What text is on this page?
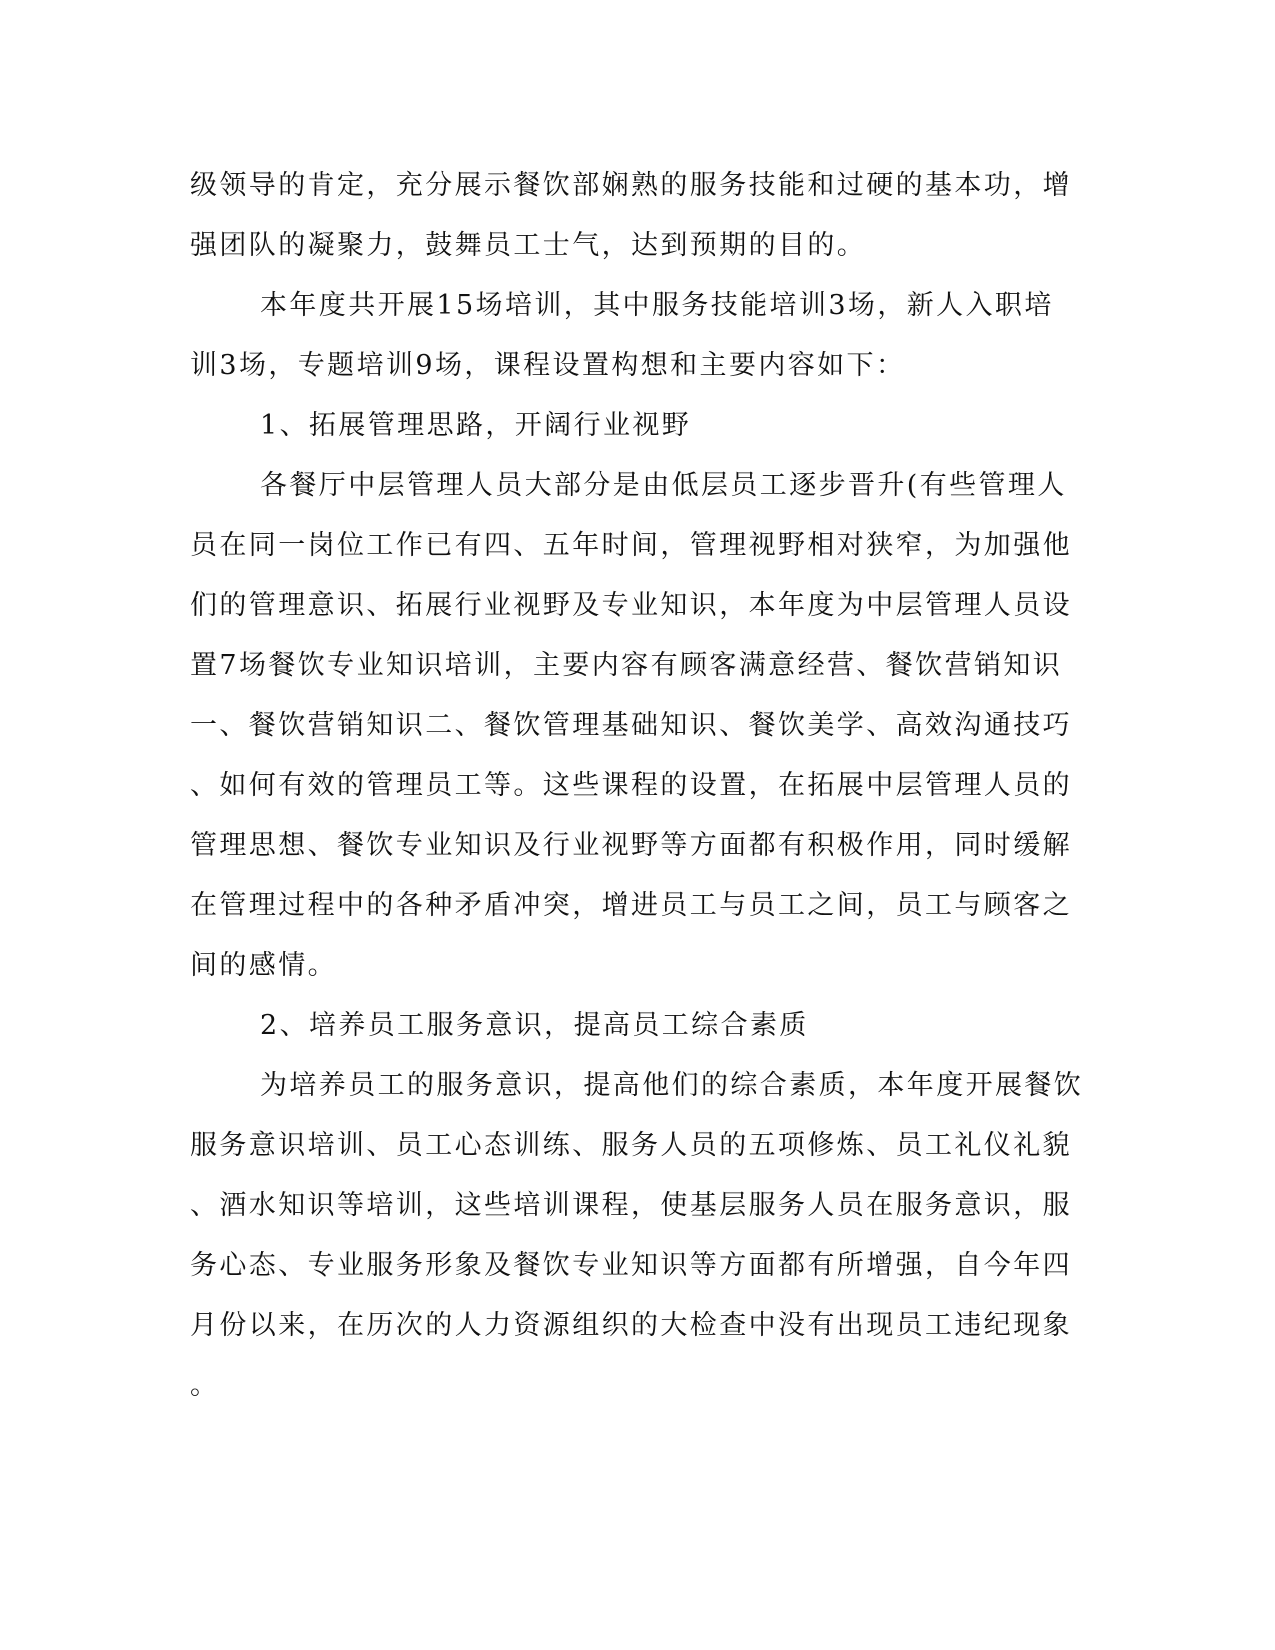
级领导的肯定，充分展示餐饮部娴熟的服务技能和过硬的基本功，增
强团队的凝聚力，鼓舞员工士气，达到预期的目的。
本年度共开展15场培训，其中服务技能培训3场，新人入职培
训3场，专题培训9场，课程设置构想和主要内容如下：
1、拓展管理思路，开阔行业视野
各餐厅中层管理人员大部分是由低层员工逐步晋升(有些管理人
员在同一岗位工作已有四、五年时间，管理视野相对狭窄，为加强他
们的管理意识、拓展行业视野及专业知识，本年度为中层管理人员设
置7场餐饮专业知识培训，主要内容有顾客满意经营、餐饮营销知识
一、餐饮营销知识二、餐饮管理基础知识、餐饮美学、高效沟通技巧
、如何有效的管理员工等。这些课程的设置，在拓展中层管理人员的
管理思想、餐饮专业知识及行业视野等方面都有积极作用，同时缓解
在管理过程中的各种矛盾冲突，增进员工与员工之间，员工与顾客之
间的感情。
2、培养员工服务意识，提高员工综合素质
为培养员工的服务意识，提高他们的综合素质，本年度开展餐饮
服务意识培训、员工心态训练、服务人员的五项修炼、员工礼仪礼貌
、酒水知识等培训，这些培训课程，使基层服务人员在服务意识，服
务心态、专业服务形象及餐饮专业知识等方面都有所增强，自今年四
月份以来，在历次的人力资源组织的大检查中没有出现员工违纪现象
。
